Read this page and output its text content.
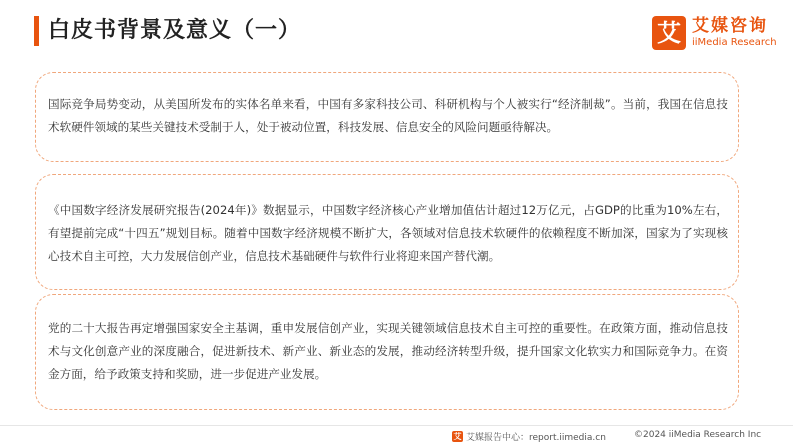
白皮书背景及意义（一）	艾 艾媒咨询
iiMedia Research

国际竞争局势变动，从美国所发布的实体名单来看，中国有多家科技公司、科研机构与个人被实行“经济制裁”。当前，我国在信息技术软硬件领域的某些关键技术受制于人，处于被动位置，科技发展、信息安全的风险问题亟待解决。

《中国数字经济发展研究报告(2024年)》数据显示，中国数字经济核心产业增加值估计超过12万亿元，占GDP的比重为10%左右，有望提前完成“十四五”规划目标。随着中国数字经济规模不断扩大，各领域对信息技术软硬件的依赖程度不断加深，国家为了实现核心技术自主可控，大力发展信创产业，信息技术基础硬件与软件行业将迎来国产替代潮。

党的二十大报告再定增强国家安全主基调，重申发展信创产业，实现关键领域信息技术自主可控的重要性。在政策方面，推动信息技术与文化创意产业的深度融合，促进新技术、新产业、新业态的发展，推动经济转型升级，提升国家文化软实力和国际竞争力。在资金方面，给予政策支持和奖励，进一步促进产业发展。

艾 艾媒报告中心：report.iimedia.cn	©2024 iiMedia Research Inc
